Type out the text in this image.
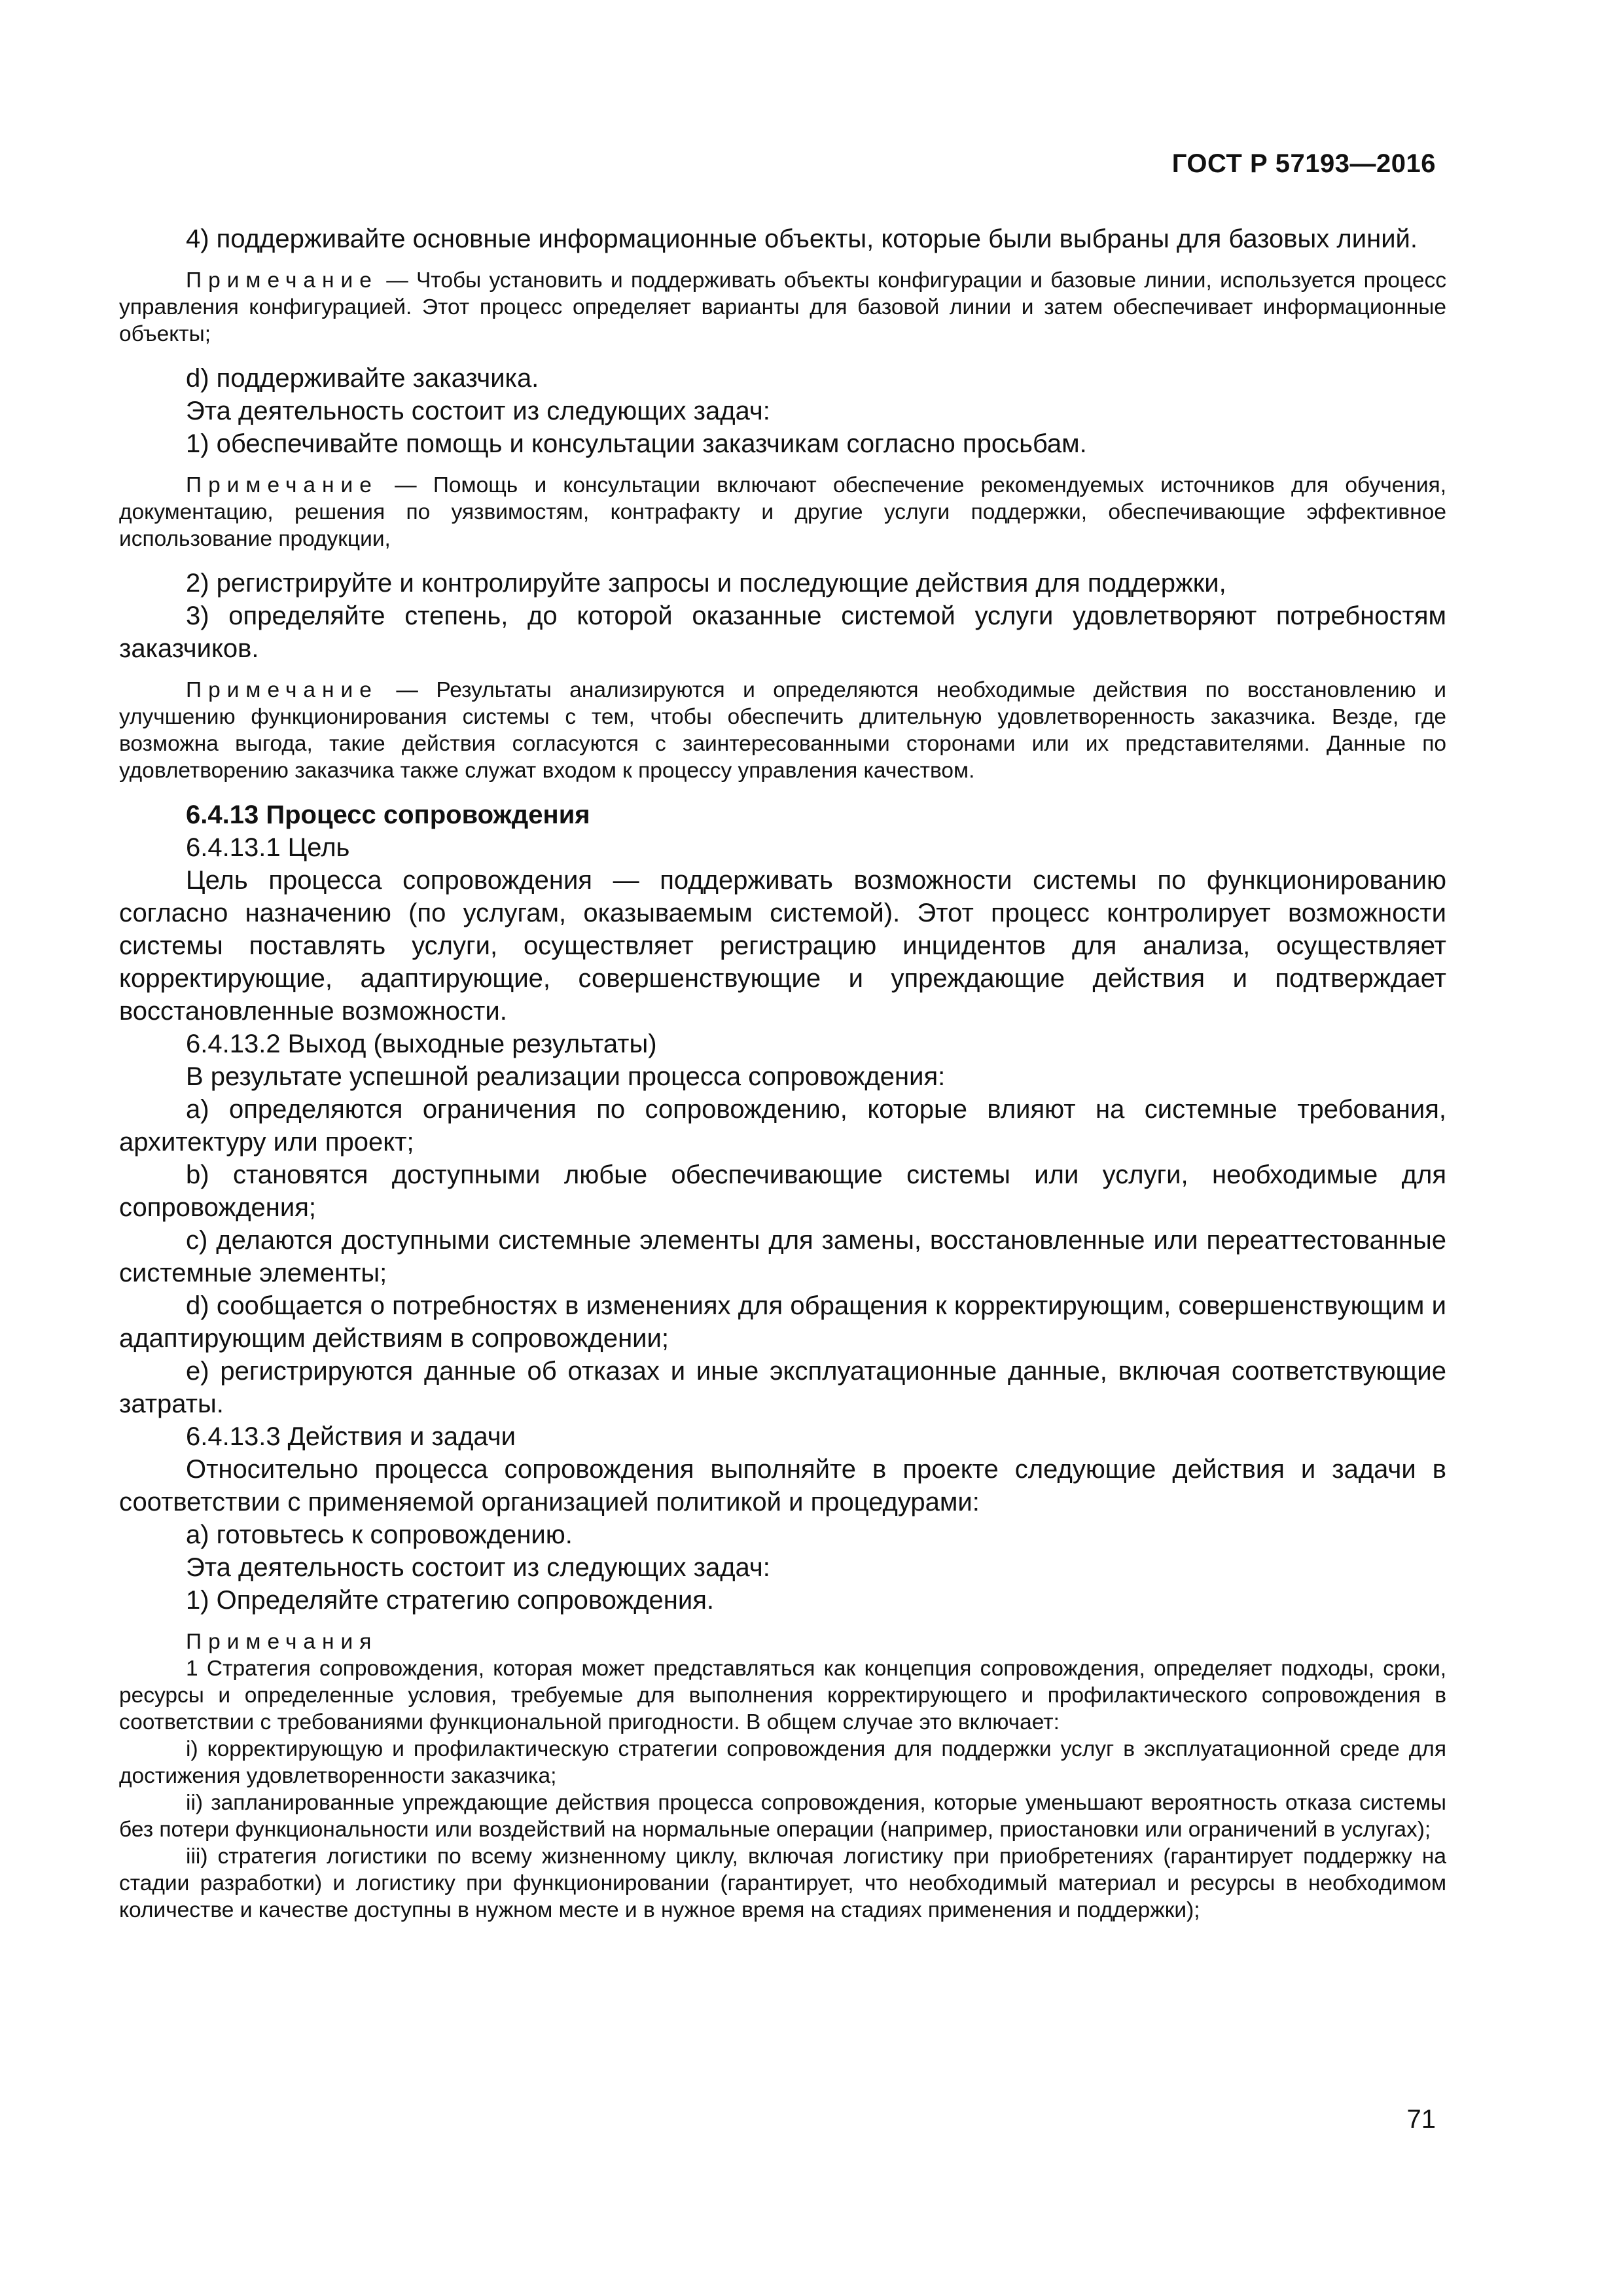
ГОСТ Р 57193—2016

4) поддерживайте основные информационные объекты, которые были выбраны для базовых линий.

Примечание — Чтобы установить и поддерживать объекты конфигурации и базовые линии, используется процесс управления конфигурацией. Этот процесс определяет варианты для базовой линии и затем обеспечивает информационные объекты;

d) поддерживайте заказчика.

Эта деятельность состоит из следующих задач:

1) обеспечивайте помощь и консультации заказчикам согласно просьбам.

Примечание — Помощь и консультации включают обеспечение рекомендуемых источников для обучения, документацию, решения по уязвимостям, контрафакту и другие услуги поддержки, обеспечивающие эффективное использование продукции,

2) регистрируйте и контролируйте запросы и последующие действия для поддержки,

3) определяйте степень, до которой оказанные системой услуги удовлетворяют потребностям заказчиков.

Примечание — Результаты анализируются и определяются необходимые действия по восстановлению и улучшению функционирования системы с тем, чтобы обеспечить длительную удовлетворенность заказчика. Везде, где возможна выгода, такие действия согласуются с заинтересованными сторонами или их представителями. Данные по удовлетворению заказчика также служат входом к процессу управления качеством.

6.4.13 Процесс сопровождения

6.4.13.1 Цель

Цель процесса сопровождения — поддерживать возможности системы по функционированию согласно назначению (по услугам, оказываемым системой). Этот процесс контролирует возможности системы поставлять услуги, осуществляет регистрацию инцидентов для анализа, осуществляет корректирующие, адаптирующие, совершенствующие и упреждающие действия и подтверждает восстановленные возможности.

6.4.13.2 Выход (выходные результаты)

В результате успешной реализации процесса сопровождения:

a) определяются ограничения по сопровождению, которые влияют на системные требования, архитектуру или проект;

b) становятся доступными любые обеспечивающие системы или услуги, необходимые для сопровождения;

c) делаются доступными системные элементы для замены, восстановленные или переаттестованные системные элементы;

d) сообщается о потребностях в изменениях для обращения к корректирующим, совершенствующим и адаптирующим действиям в сопровождении;

e) регистрируются данные об отказах и иные эксплуатационные данные, включая соответствующие затраты.

6.4.13.3 Действия и задачи

Относительно процесса сопровождения выполняйте в проекте следующие действия и задачи в соответствии с применяемой организацией политикой и процедурами:

a) готовьтесь к сопровождению.

Эта деятельность состоит из следующих задач:

1) Определяйте стратегию сопровождения.

Примечания

1 Стратегия сопровождения, которая может представляться как концепция сопровождения, определяет подходы, сроки, ресурсы и определенные условия, требуемые для выполнения корректирующего и профилактического сопровождения в соответствии с требованиями функциональной пригодности. В общем случае это включает:

i) корректирующую и профилактическую стратегии сопровождения для поддержки услуг в эксплуатационной среде для достижения удовлетворенности заказчика;

ii) запланированные упреждающие действия процесса сопровождения, которые уменьшают вероятность отказа системы без потери функциональности или воздействий на нормальные операции (например, приостановки или ограничений в услугах);

iii) стратегия логистики по всему жизненному циклу, включая логистику при приобретениях (гарантирует поддержку на стадии разработки) и логистику при функционировании (гарантирует, что необходимый материал и ресурсы в необходимом количестве и качестве доступны в нужном месте и в нужное время на стадиях применения и поддержки);

71
